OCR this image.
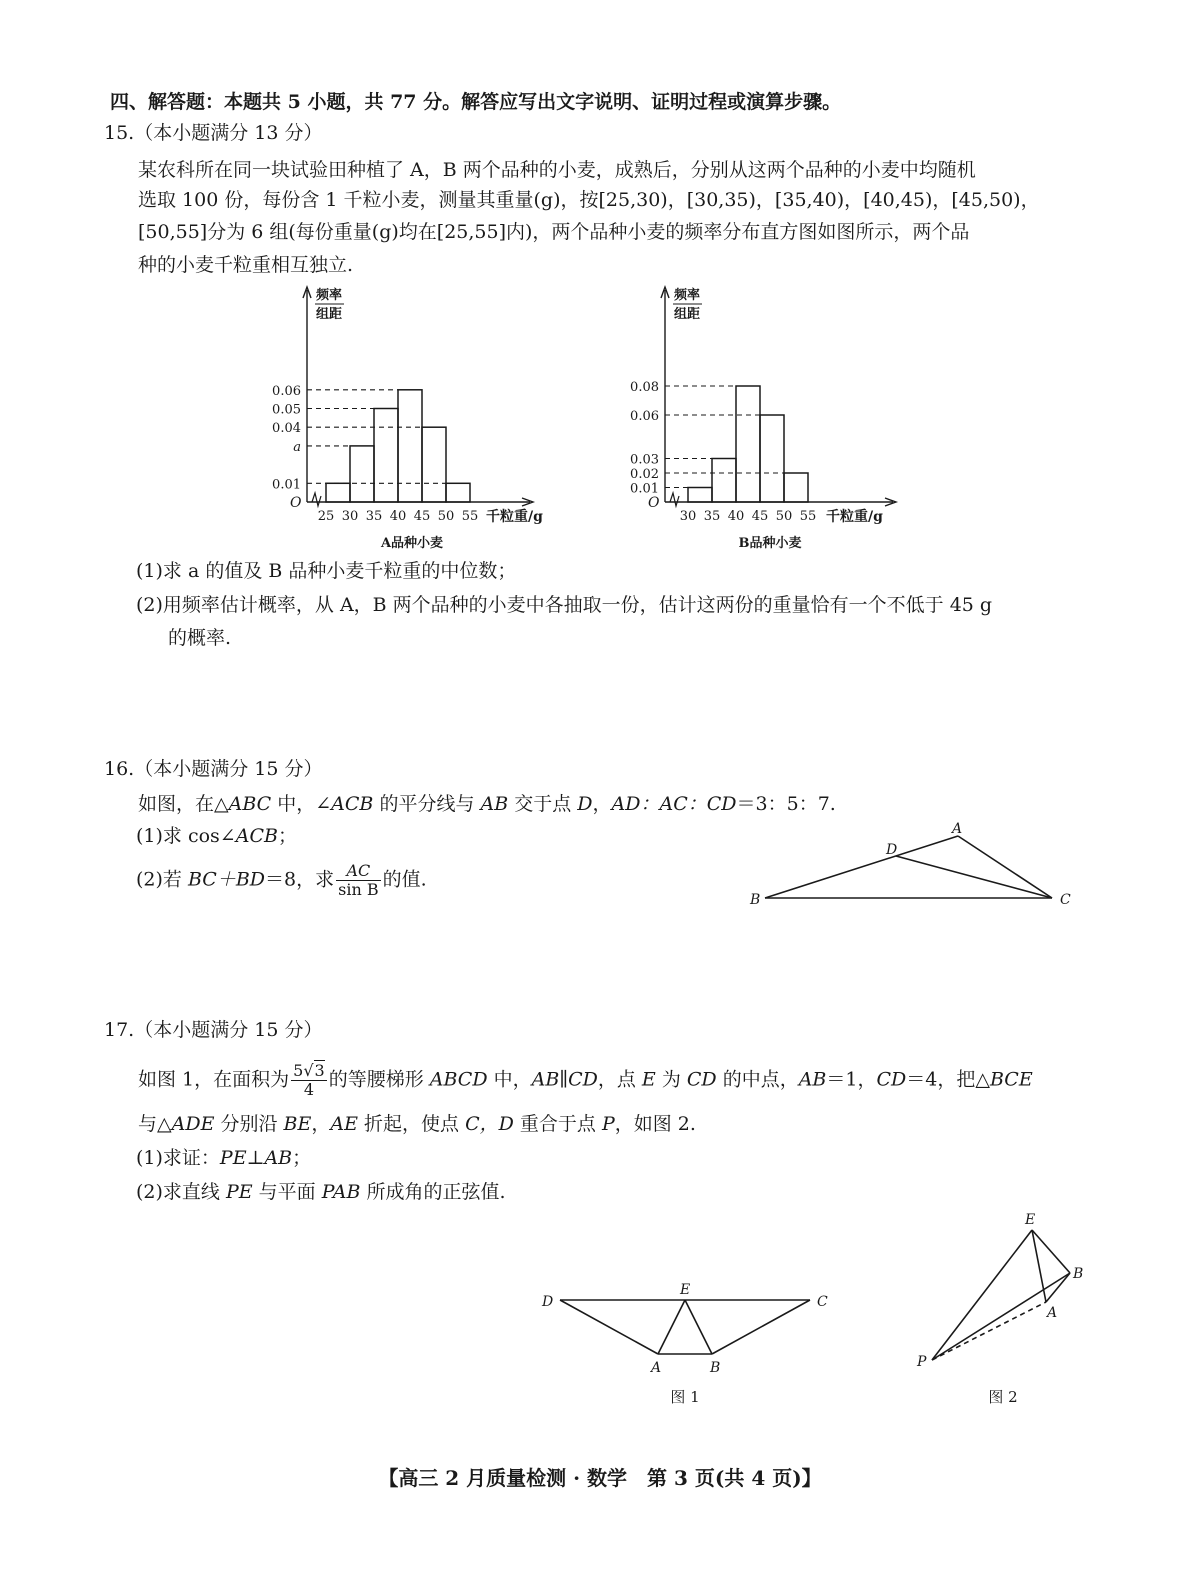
四、解答题：本题共 5 小题，共 77 分。解答应写出文字说明、证明过程或演算步骤。
15.（本小题满分 13 分）
某农科所在同一块试验田种植了 A，B 两个品种的小麦，成熟后，分别从这两个品种的小麦中均随机
选取 100 份，每份含 1 千粒小麦，测量其重量(g)，按[25,30)，[30,35)，[35,40)，[40,45)，[45,50)，
[50,55]分为 6 组(每份重量(g)均在[25,55]内)，两个品种小麦的频率分布直方图如图所示，两个品
种的小麦千粒重相互独立.
频率
组距
O
0.01
a
0.04
0.05
0.06
25 30 35 40 45 50 55 千粒重/g
A品种小麦
频率
组距
O
0.01
0.02
0.03
0.06
0.08
30 35 40 45 50 55 千粒重/g
B品种小麦
(1)求 a 的值及 B 品种小麦千粒重的中位数；
(2)用频率估计概率，从 A，B 两个品种的小麦中各抽取一份，估计这两份的重量恰有一个不低于 45 g
的概率.
16.（本小题满分 15 分）
如图，在△ABC 中，∠ACB 的平分线与 AB 交于点 D，AD：AC：CD＝3：5：7.
(1)求 cos∠ACB；
(2)若 BC＋BD＝8，求 $\frac{AC}{\text{sin B}}$ 的值.
A
D
B	C
17.（本小题满分 15 分）
如图 1，在面积为 $\frac{5√3}{4}$ 的等腰梯形 ABCD 中，AB∥CD，点 E 为 CD 的中点，AB＝1，CD＝4，把△BCE
与△ADE 分别沿 BE，AE 折起，使点 C，D 重合于点 P，如图 2.
(1)求证：PE⊥AB；
(2)求直线 PE 与平面 PAB 所成角的正弦值.
D
E
C
A	B
图 1
E
B
A
P
图 2
【高三 2 月质量检测 · 数学　第 3 页(共 4 页)】
